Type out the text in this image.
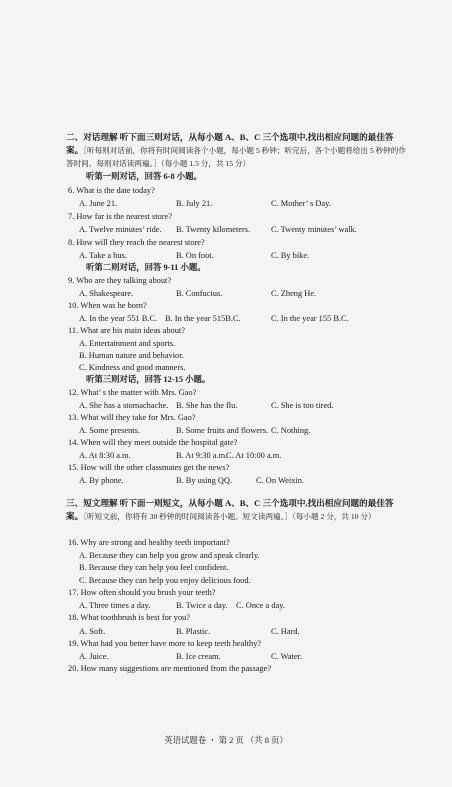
二、对话理解 听下面三则对话，从每小题 A、B、C 三个选项中,找出相应问题的最佳答案。［听每则对话前，你将有时间阅读各个小题，每小题 5 秒钟；听完后，各个小题将给出 5 秒钟的作答时间。每则对话读两遍。］（每小题 1.5 分，共 15 分）
听第一则对话，回答 6-8 小题。
6. What is the date today?
A. June 21.	B. July 21.	C. Mother’ s Day.
7. How far is the nearest store?
A. Twelve minutes’ ride. B. Twenty kilometers. C. Twenty minutes’ walk.
8. How will they reach the nearest store?
A. Take a bus.	B. On foot.	C. By bike.
听第二则对话，回答 9-11 小题。
9. Who are they talking about?
A. Shakespeare.	B. Confucius.	C. Zheng He.
10. When was he born?
A. In the year 551 B.C. B. In the year 515B.C.	C. In the year 155 B.C.
11. What are his main ideas about?
A. Entertainment and sports.
B. Human nature and behavior.
C. Kindness and good manners.
听第三则对话，回答 12-15 小题。
12. What’ s the matter with Mrs. Gao?
A. She has a stomachache. B. She has the flu.	C. She is too tired.
13. What will they take for Mrs. Gao?
A. Some presents.	B. Some fruits and flowers. C. Nothing.
14. When will they meet outside the hospital gate?
A. At 8:30 a.m.	B. At 9:30 a.m.
C. At 10:00 a.m.
15. How will the other classmates get the news?
A. By phone.	B. By using QQ.	C. On Weixin.
三、短文理解 听下面一则短文，从每小题 A、B、C 三个选项中,找出相应问题的最佳答案。［听短文前，你将有 30 秒钟的时间阅读各小题。短文读两遍。］（每小题 2 分，共 10 分）
16. Why are strong and healthy teeth important?
A. Because they can help you grow and speak clearly.
B. Because they can help you feel confident.
C. Because they can help you enjoy delicious food.
17. How often should you brush your teeth?
A. Three times a day.	B. Twice a day. C. Once a day.
18. What toothbrush is best for you?
A. Soft.	B. Plastic.	C. Hard.
19. What had you better have more to keep teeth healthy?
A. Juice.	B. Ice cream.	C. Water.
20. How many suggestions are mentioned from the passage?
英语试题卷 ・ 第 2 页 （共 8 页）
